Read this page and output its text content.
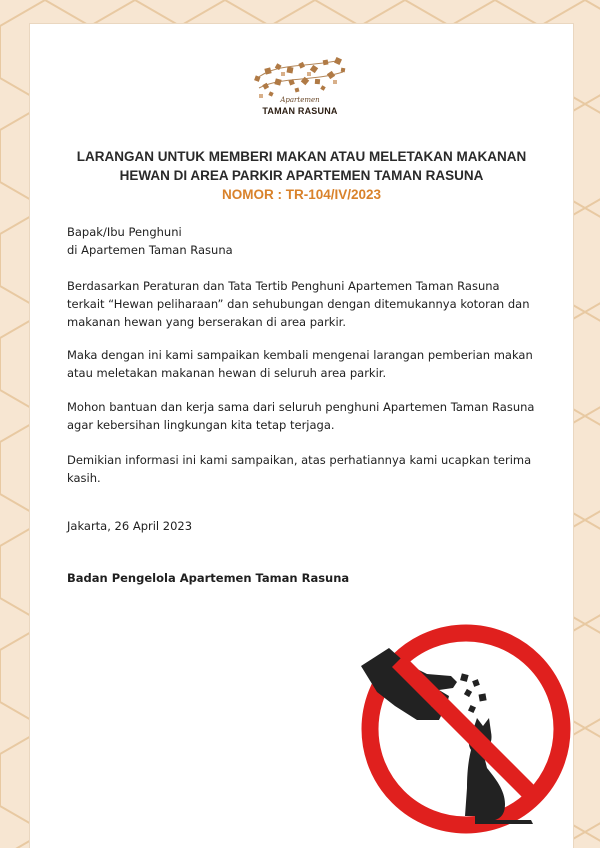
Apartemen
TAMAN RASUNA
LARANGAN UNTUK MEMBERI MAKAN ATAU MELETAKAN MAKANAN
HEWAN DI AREA PARKIR APARTEMEN TAMAN RASUNA
NOMOR : TR-104/IV/2023

Bapak/Ibu Penghuni

di Apartemen Taman Rasuna

Berdasarkan Peraturan dan Tata Tertib Penghuni Apartemen Taman Rasuna terkait “Hewan peliharaan” dan sehubungan dengan ditemukannya kotoran dan makanan hewan yang berserakan di area parkir.
Maka dengan ini kami sampaikan kembali mengenai larangan pemberian makan atau meletakan makanan hewan di seluruh area parkir.
Mohon bantuan dan kerja sama dari seluruh penghuni Apartemen Taman Rasuna agar kebersihan lingkungan kita tetap terjaga.
Demikian informasi ini kami sampaikan, atas perhatiannya kami ucapkan terima kasih.
Jakarta, 26 April 2023
Badan Pengelola Apartemen Taman Rasuna
